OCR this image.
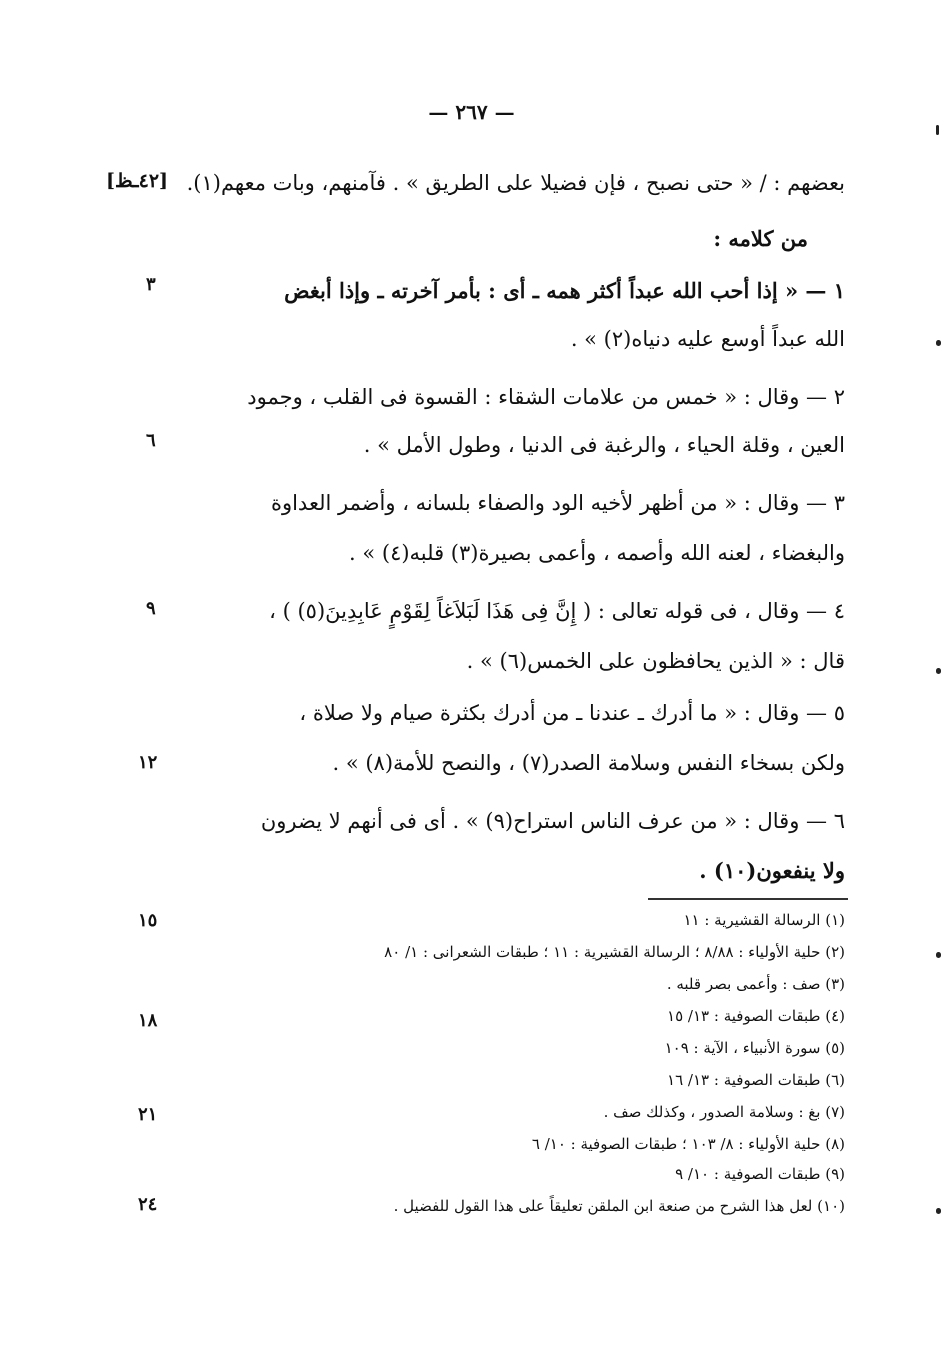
— ٢٦٧ —
[٤٢ـظ] بعضهم : / « حتى نصبح ، فإن فضيلا على الطريق » . فآمنهم، وبات معهم(١).
من كلامه :
١ — « إذا أحب الله عبداً أكثر همه ـ أى : بأمر آخرته ـ وإذا أبغض
الله عبداً أوسع عليه دنياه(٢) » .
٢ — وقال : « خمس من علامات الشقاء : القسوة فى القلب ، وجمود
العين ، وقلة الحياء ، والرغبة فى الدنيا ، وطول الأمل » .
٣ — وقال : « من أظهر لأخيه الود والصفاء بلسانه ، وأضمر العداوة
والبغضاء ، لعنه الله وأصمه ، وأعمى بصيرة(٣) قلبه(٤) » .
٤ — وقال ، فى قوله تعالى : ( إِنَّ فِى هَذَا لَبَلاَغاً لِقَوْمٍ عَابِدِينَ(٥) ) ،
قال : « الذين يحافظون على الخمس(٦) » .
٥ — وقال : « ما أدرك ـ عندنا ـ من أدرك بكثرة صيام ولا صلاة ،
ولكن بسخاء النفس وسلامة الصدر(٧) ، والنصح للأمة(٨) » .
٦ — وقال : « من عرف الناس استراح(٩) » . أى فى أنهم لا يضرون
ولا ينفعون(١٠) .
٣
٦
٩
١٢
١٥
١٨
٢١
٢٤
(١) الرسالة القشيرية : ١١
(٢) حلية الأولياء : ٨/٨٨ ؛ الرسالة القشيرية : ١١ ؛ طبقات الشعرانى : ١/ ٨٠
(٣) صف : وأعمى بصر قلبه .
(٤) طبقات الصوفية : ١٣/ ١٥
(٥) سورة الأنبياء ، الآية : ١٠٩
(٦) طبقات الصوفية : ١٣/ ١٦
(٧) بغ : وسلامة الصدور ، وكذلك صف .
(٨) حلية الأولياء : ٨/ ١٠٣ ؛ طبقات الصوفية : ١٠/ ٦
(٩) طبقات الصوفية : ١٠/ ٩
(١٠) لعل هذا الشرح من صنعة ابن الملقن تعليقاً على هذا القول للفضيل .
